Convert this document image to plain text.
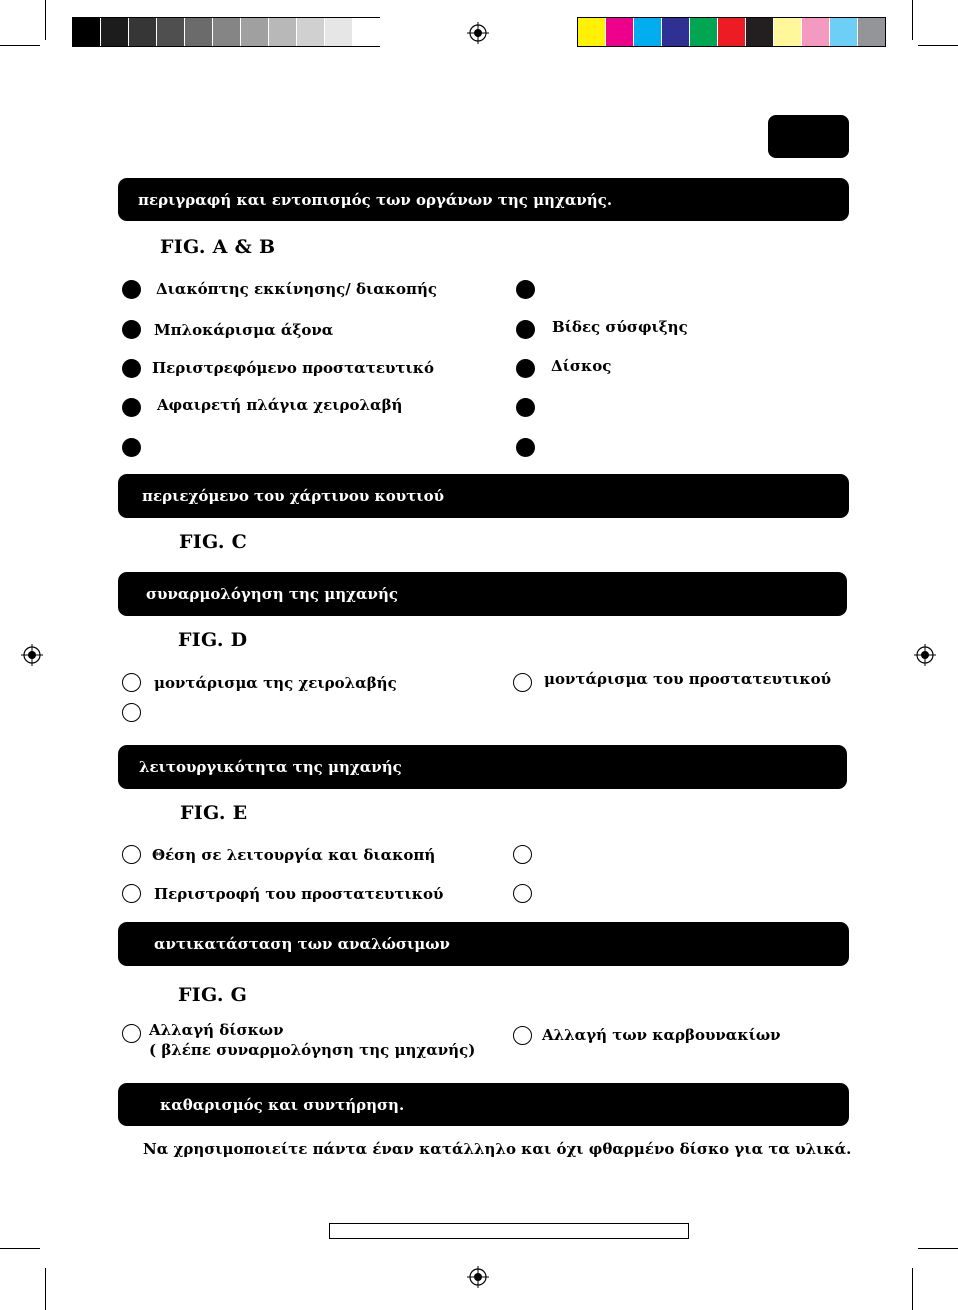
περιγραφή και εντοπισμός των οργάνων της μηχανής.
FIG. A & B
Διακόπτης εκκίνησης/ διακοπής
Μπλοκάρισμα άξονα
Περιστρεφόμενο προστατευτικό
Αφαιρετή πλάγια χειρολαβή
Βίδες σύσφιξης
Δίσκος
περιεχόμενο του χάρτινου κουτιού
FIG. C
συναρμολόγηση της μηχανής
FIG. D
μοντάρισμα της χειρολαβής	μοντάρισμα του προστατευτικού
λειτουργικότητα της μηχανής
FIG. E
Θέση σε λειτουργία και διακοπή
Περιστροφή του προστατευτικού
αντικατάσταση των αναλώσιμων
FIG. G
Αλλαγή δίσκων
( βλέπε συναρμολόγηση της μηχανής)
Αλλαγή των καρβουνακίων
καθαρισμός και συντήρηση.
Να χρησιμοποιείτε πάντα έναν κατάλληλο και όχι φθαρμένο δίσκο για τα υλικά.
